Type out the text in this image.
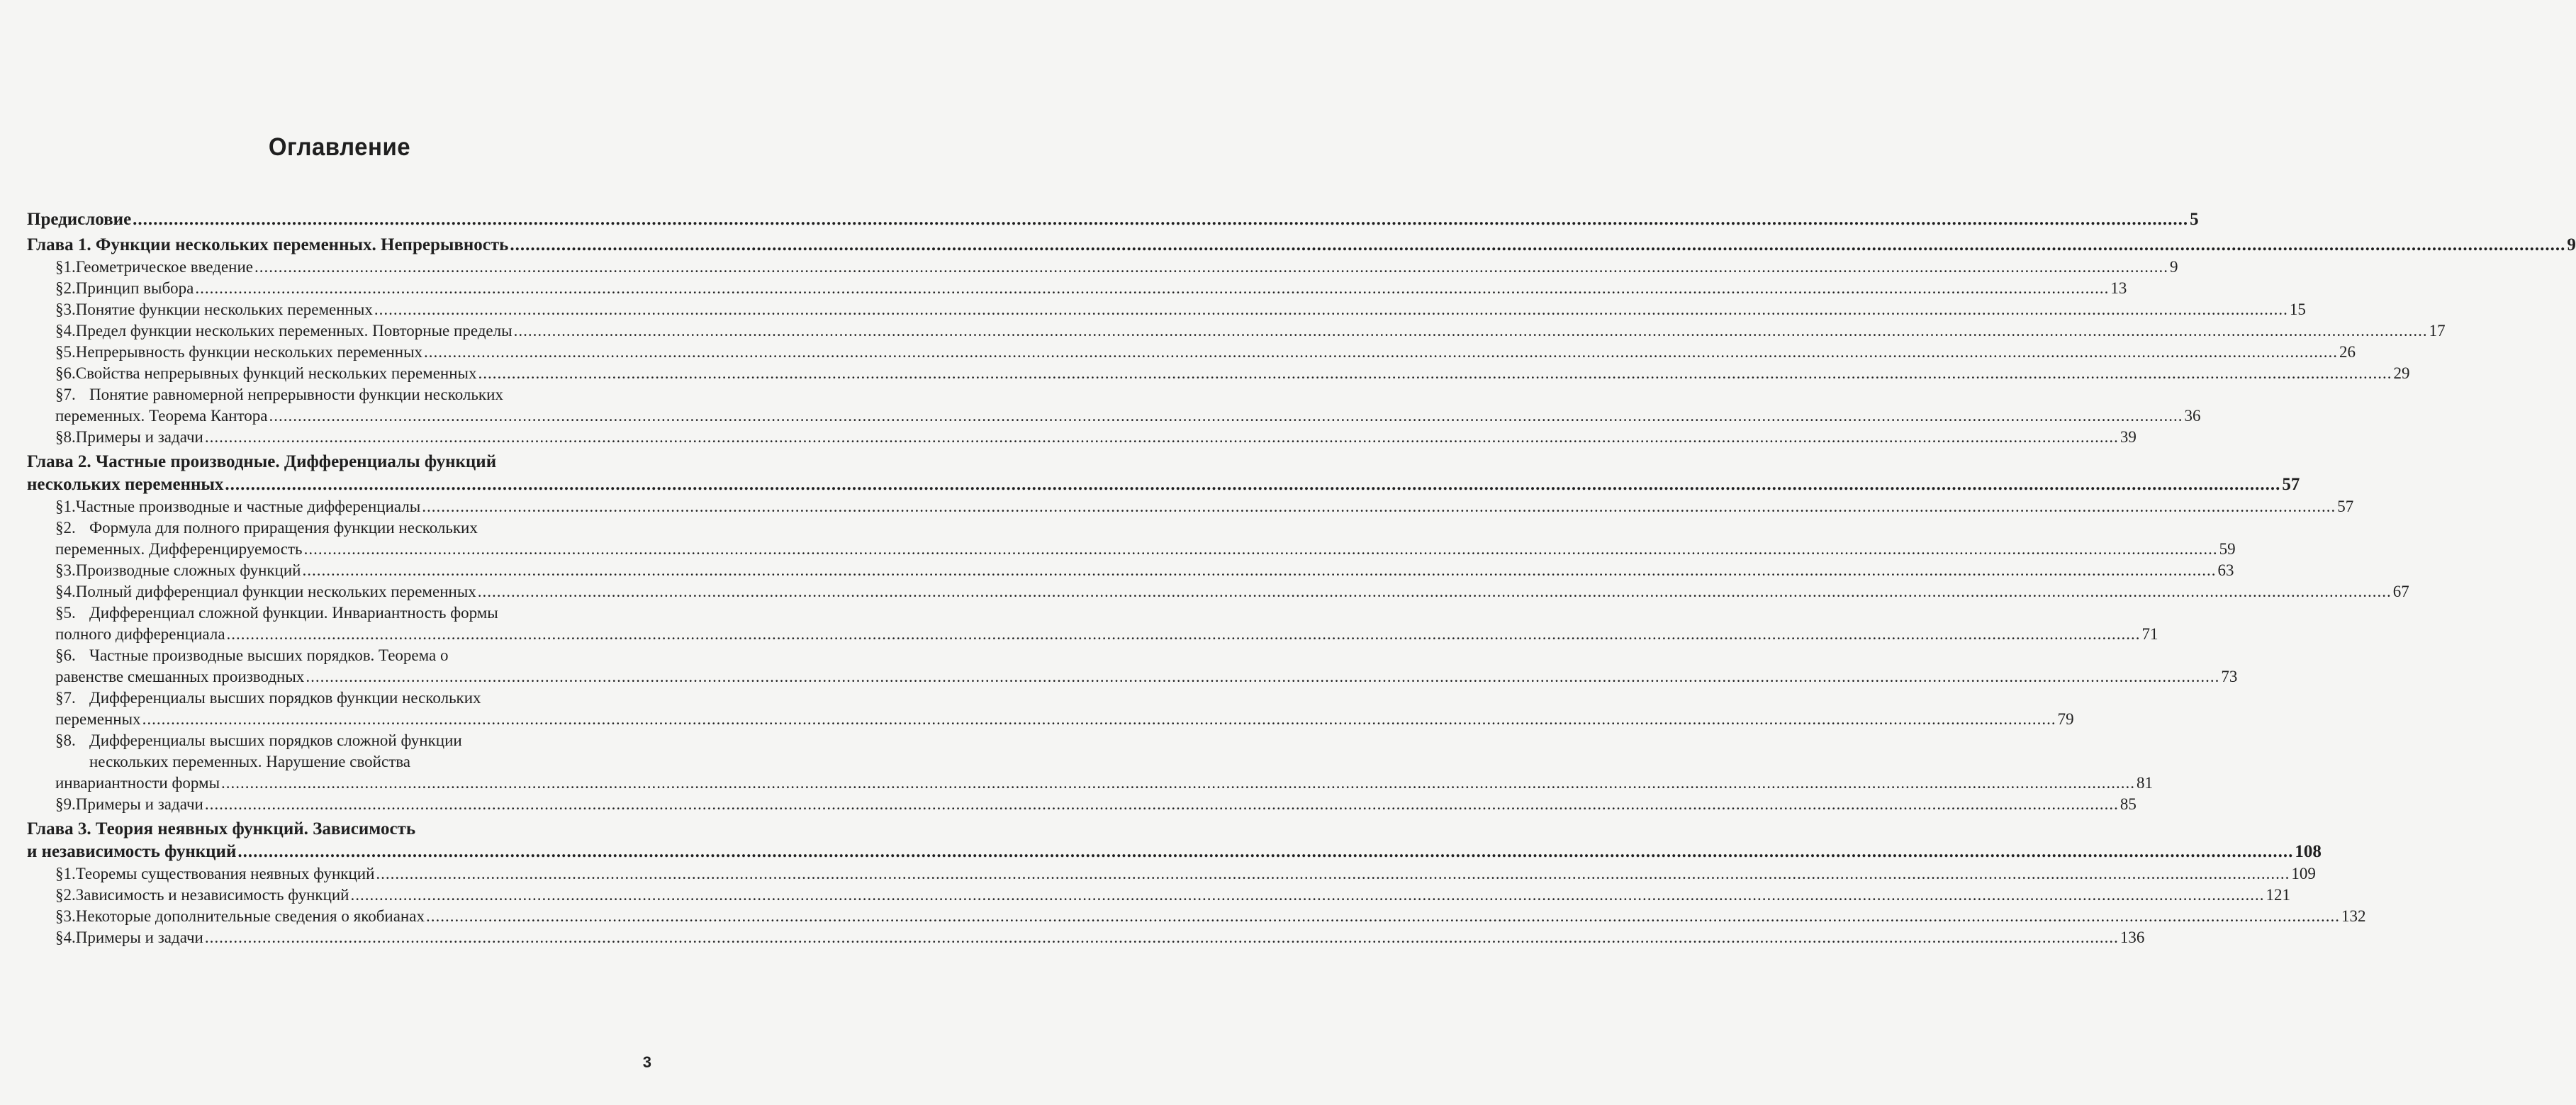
Оглавление
Предисловие ................................................................................................................................................................................................................................................................................................................................................................................................................ 5
Глава 1. Функции нескольких переменных. Непрерывность ................................................................................................................................................................................................................................................................................................................................................................................................................ 9
§1. Геометрическое введение ................................................................................................................................................................................................................................................................................................................................................................................................................ 9
§2. Принцип выбора ................................................................................................................................................................................................................................................................................................................................................................................................................ 13
§3. Понятие функции нескольких переменных ................................................................................................................................................................................................................................................................................................................................................................................................................ 15
§4. Предел функции нескольких переменных. Повторные пределы ................................................................................................................................................................................................................................................................................................................................................................................................................ 17
§5. Непрерывность функции нескольких переменных ................................................................................................................................................................................................................................................................................................................................................................................................................ 26
§6. Свойства непрерывных функций нескольких переменных ................................................................................................................................................................................................................................................................................................................................................................................................................ 29
§7. Понятие равномерной непрерывности функции нескольких
переменных. Теорема Кантора ................................................................................................................................................................................................................................................................................................................................................................................................................ 36
§8. Примеры и задачи ................................................................................................................................................................................................................................................................................................................................................................................................................ 39
Глава 2. Частные производные. Дифференциалы функций
нескольких переменных ................................................................................................................................................................................................................................................................................................................................................................................................................ 57
§1. Частные производные и частные дифференциалы ................................................................................................................................................................................................................................................................................................................................................................................................................ 57
§2. Формула для полного приращения функции нескольких
переменных. Дифференцируемость ................................................................................................................................................................................................................................................................................................................................................................................................................ 59
§3. Производные сложных функций ................................................................................................................................................................................................................................................................................................................................................................................................................ 63
§4. Полный дифференциал функции нескольких переменных ................................................................................................................................................................................................................................................................................................................................................................................................................ 67
§5. Дифференциал сложной функции. Инвариантность формы
полного дифференциала ................................................................................................................................................................................................................................................................................................................................................................................................................ 71
§6. Частные производные высших порядков. Теорема о
равенстве смешанных производных ................................................................................................................................................................................................................................................................................................................................................................................................................ 73
§7. Дифференциалы высших порядков функции нескольких
переменных ................................................................................................................................................................................................................................................................................................................................................................................................................ 79
§8. Дифференциалы высших порядков сложной функции
нескольких переменных. Нарушение свойства
инвариантности формы ................................................................................................................................................................................................................................................................................................................................................................................................................ 81
§9. Примеры и задачи ................................................................................................................................................................................................................................................................................................................................................................................................................ 85
Глава 3. Теория неявных функций. Зависимость
и независимость функций ................................................................................................................................................................................................................................................................................................................................................................................................................ 108
§1. Теоремы существования неявных функций ................................................................................................................................................................................................................................................................................................................................................................................................................ 109
§2. Зависимость и независимость функций ................................................................................................................................................................................................................................................................................................................................................................................................................ 121
§3. Некоторые дополнительные сведения о якобианах ................................................................................................................................................................................................................................................................................................................................................................................................................ 132
§4. Примеры и задачи ................................................................................................................................................................................................................................................................................................................................................................................................................ 136
3
